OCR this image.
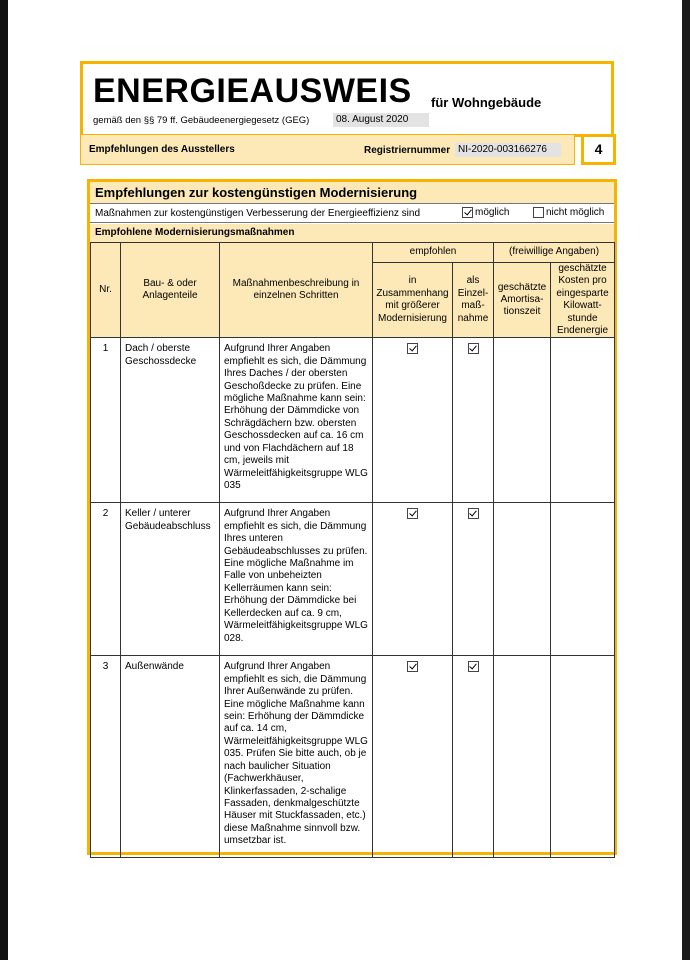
ENERGIEAUSWEIS für Wohngebäude
gemäß den §§ 79 ff. Gebäudeenergiegesetz (GEG)	08. August 2020
Empfehlungen des Ausstellers	Registriernummer NI-2020-003166276	4
Empfehlungen zur kostengünstigen Modernisierung
Maßnahmen zur kostengünstigen Verbesserung der Energieeffizienz sind	möglich	nicht möglich
Empfohlene Modernisierungsmaßnahmen
Nr.	Bau- & oder Anlagenteile	Maßnahmenbeschreibung in einzelnen Schritten	empfohlen		(freiwillige Angaben)	
			in Zusammenhang mit größerer Modernisierung	als Einzel-maß-nahme	geschätzte Amortisa-tionszeit	geschätzte Kosten pro eingesparte Kilowatt-stunde Endenergie
1	Dach / oberste Geschossdecke	Aufgrund Ihrer Angaben empfiehlt es sich, die Dämmung Ihres Daches / der obersten Geschoßdecke zu prüfen. Eine mögliche Maßnahme kann sein: Erhöhung der Dämmdicke von Schrägdächern bzw. obersten Geschossdecken auf ca. 16 cm und von Flachdächern auf 18 cm, jeweils mit Wärmeleitfähigkeitsgruppe WLG 035				
2	Keller / unterer Gebäudeabschluss	Aufgrund Ihrer Angaben empfiehlt es sich, die Dämmung Ihres unteren Gebäudeabschlusses zu prüfen. Eine mögliche Maßnahme im Falle von unbeheizten Kellerräumen kann sein: Erhöhung der Dämmdicke bei Kellerdecken auf ca. 9 cm, Wärmeleitfähigkeitsgruppe WLG 028.				
3	Außenwände	Aufgrund Ihrer Angaben empfiehlt es sich, die Dämmung Ihrer Außenwände zu prüfen. Eine mögliche Maßnahme kann sein: Erhöhung der Dämmdicke auf ca. 14 cm, Wärmeleitfähigkeitsgruppe WLG 035. Prüfen Sie bitte auch, ob je nach baulicher Situation (Fachwerkhäuser, Klinkerfassaden, 2-schalige Fassaden, denkmalgeschützte Häuser mit Stuckfassaden, etc.) diese Maßnahme sinnvoll bzw. umsetzbar ist.				
